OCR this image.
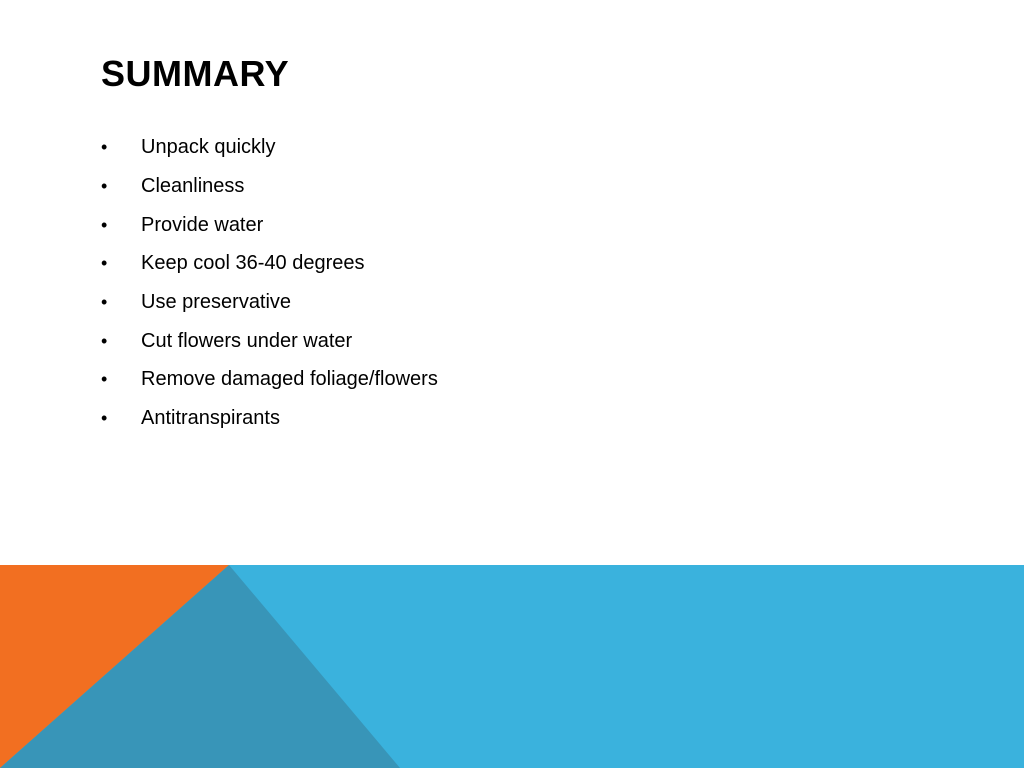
SUMMARY
•	Unpack quickly
•	Cleanliness
•	Provide water
•	Keep cool 36-40 degrees
•	Use preservative
•	Cut flowers under water
•	Remove damaged foliage/flowers
•	Antitranspirants
